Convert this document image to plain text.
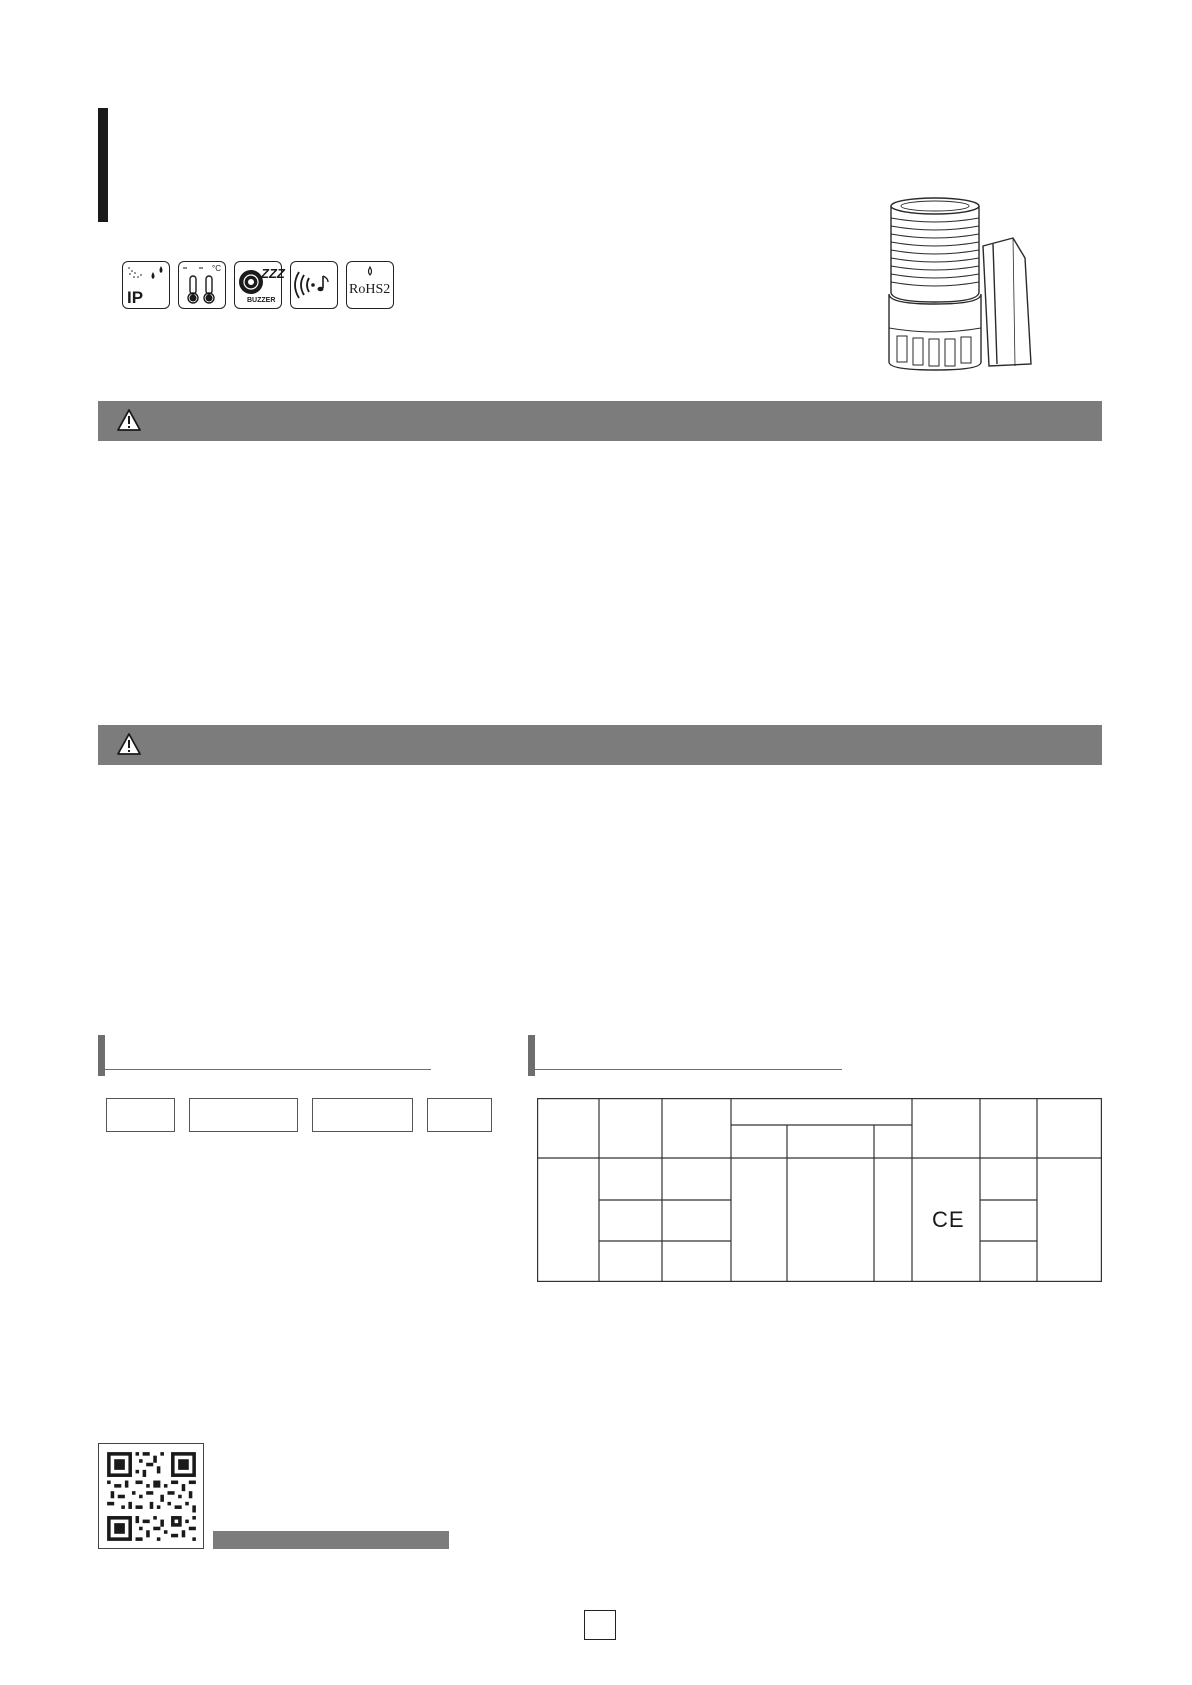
IP
°C	ZZZ
BUZZER
RoHS2
CE
